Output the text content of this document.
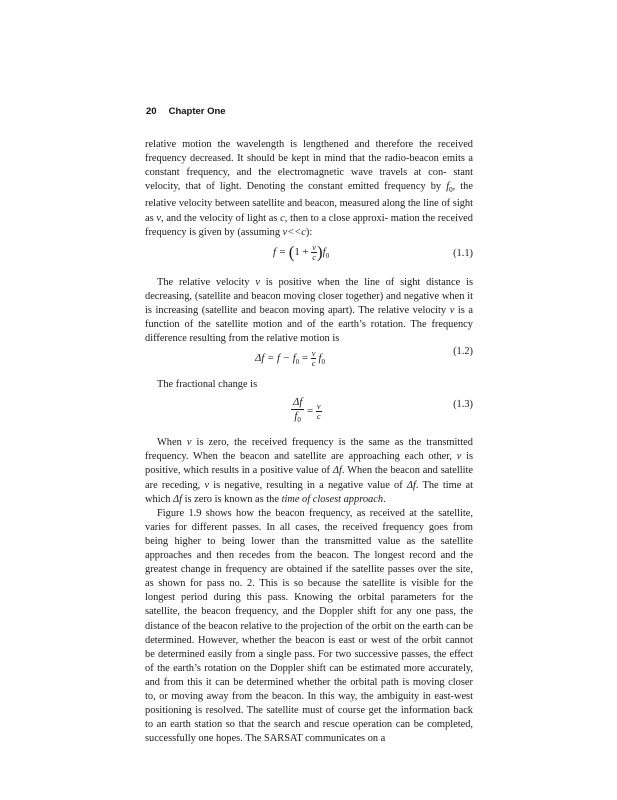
20 Chapter One

relative motion the wavelength is lengthened and therefore the received frequency decreased. It should be kept in mind that the radio-beacon emits a constant frequency, and the electromagnetic wave travels at con- stant velocity, that of light. Denoting the constant emitted frequency by $f_0$, the relative velocity between satellite and beacon, measured along the line of sight as v, and the velocity of light as c, then to a close approxi- mation the received frequency is given by (assuming v<<c):

$f = (1 + \frac{v}{c} )f_0$	(1.1)

The relative velocity v is positive when the line of sight distance is decreasing, (satellite and beacon moving closer together) and negative when it is increasing (satellite and beacon moving apart). The relative velocity v is a function of the satellite motion and of the earth’s rotation. The frequency difference resulting from the relative motion is

$\Delta f = f - f_0 = \frac{v}{c} f_0$
(1.2)

The fractional change is

$\frac{\Delta f}{f_0} = \frac{v}{c}$	(1.3)

When v is zero, the received frequency is the same as the transmitted frequency. When the beacon and satellite are approaching each other, v is positive, which results in a positive value of Δf. When the beacon and satellite are receding, v is negative, resulting in a negative value of Δf. The time at which Δf is zero is known as the time of closest approach.

Figure 1.9 shows how the beacon frequency, as received at the satellite, varies for different passes. In all cases, the received frequency goes from being higher to being lower than the transmitted value as the satellite approaches and then recedes from the beacon. The longest record and the greatest change in frequency are obtained if the satellite passes over the site, as shown for pass no. 2. This is so because the satellite is visible for the longest period during this pass. Knowing the orbital parameters for the satellite, the beacon frequency, and the Doppler shift for any one pass, the distance of the beacon relative to the projection of the orbit on the earth can be determined. However, whether the beacon is east or west of the orbit cannot be determined easily from a single pass. For two successive passes, the effect of the earth’s rotation on the Doppler shift can be estimated more accurately, and from this it can be determined whether the orbital path is moving closer to, or moving away from the beacon. In this way, the ambiguity in east-west positioning is resolved. The satellite must of course get the information back to an earth station so that the search and rescue operation can be completed, successfully one hopes. The SARSAT communicates on a
